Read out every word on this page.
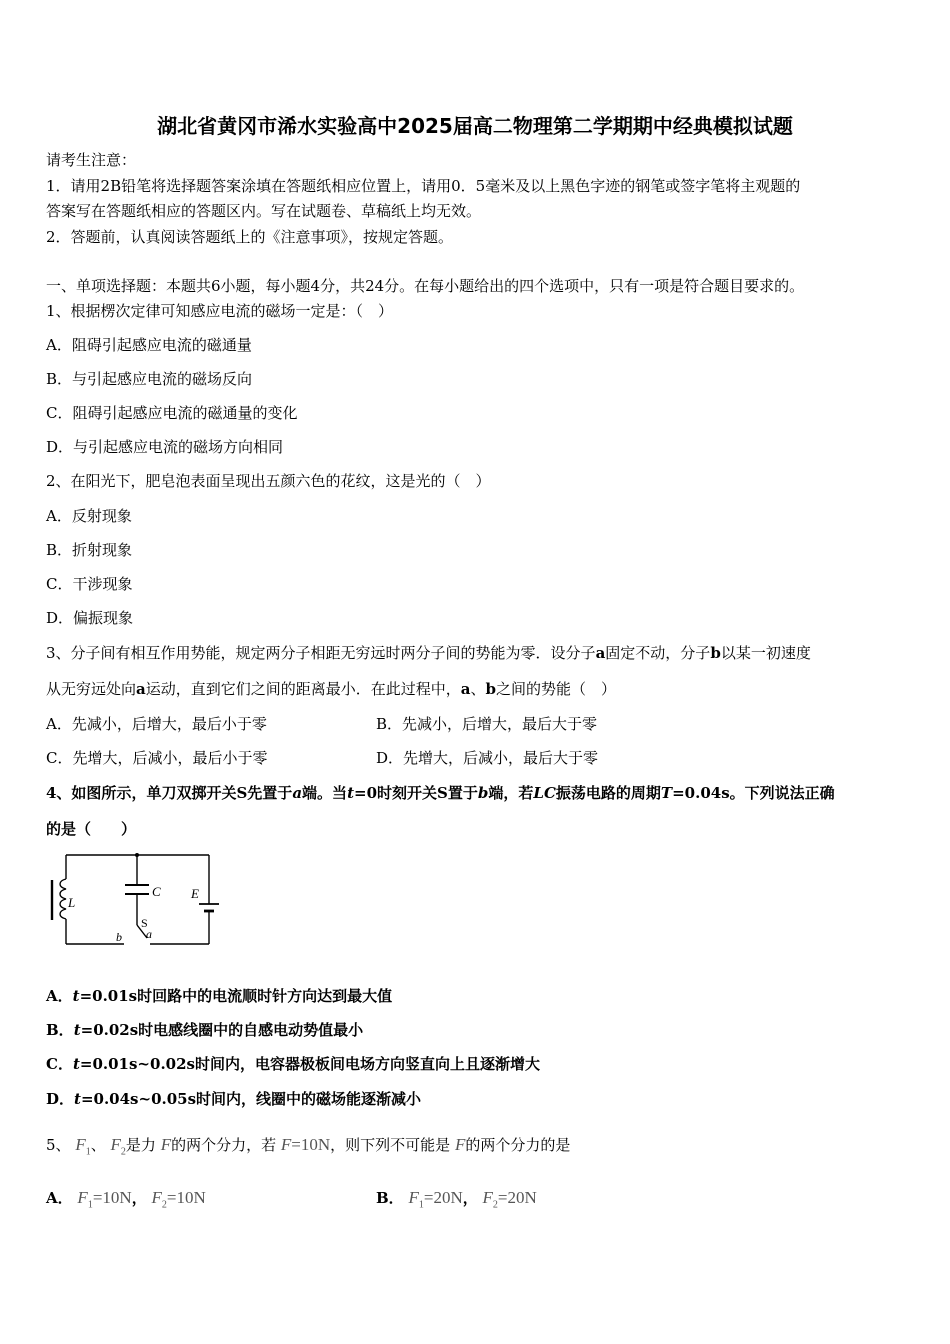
湖北省黄冈市浠水实验高中2025届高二物理第二学期期中经典模拟试题
请考生注意：
1．请用2B铅笔将选择题答案涂填在答题纸相应位置上，请用0．5毫米及以上黑色字迹的钢笔或签字笔将主观题的
答案写在答题纸相应的答题区内。写在试题卷、草稿纸上均无效。
2．答题前，认真阅读答题纸上的《注意事项》，按规定答题。
一、单项选择题：本题共6小题，每小题4分，共24分。在每小题给出的四个选项中，只有一项是符合题目要求的。
1、根据楞次定律可知感应电流的磁场一定是：（　）
A．阻碍引起感应电流的磁通量
B．与引起感应电流的磁场反向
C．阻碍引起感应电流的磁通量的变化
D．与引起感应电流的磁场方向相同
2、在阳光下，肥皂泡表面呈现出五颜六色的花纹，这是光的（　）
A．反射现象
B．折射现象
C．干涉现象
D．偏振现象
3、分子间有相互作用势能，规定两分子相距无穷远时两分子间的势能为零．设分子a固定不动，分子b以某一初速度
从无穷远处向a运动，直到它们之间的距离最小．在此过程中，a、b之间的势能（　）
A．先减小，后增大，最后小于零	B．先减小，后增大，最后大于零
C．先增大，后减小，最后小于零	D．先增大，后减小，最后大于零
4、如图所示，单刀双掷开关S先置于a端。当t=0时刻开关S置于b端，若LC振荡电路的周期T=0.04s。下列说法正确
的是（　　）
L
C E
S
a
b
A．t=0.01s时回路中的电流顺时针方向达到最大值
B．t=0.02s时电感线圈中的自感电动势值最小
C．t=0.01s~0.02s时间内，电容器极板间电场方向竖直向上且逐渐增大
D．t=0.04s~0.05s时间内，线圈中的磁场能逐渐减小
5、 $F_1$、 $F_2$是力 F的两个分力，若 F=10N，则下列不可能是 F的两个分力的是
A． $F_1=10N$， $F_2=10N$	B． $F_1=20N$， $F_2=20N$
